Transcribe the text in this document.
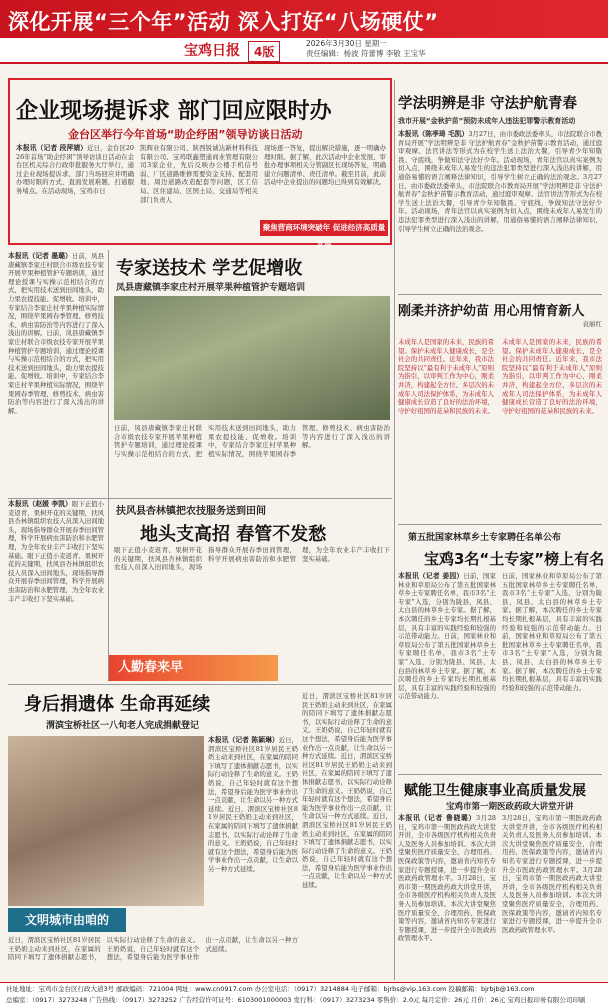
深化开展“三个年”活动 深入打好“八场硬仗”
宝鸡日报	4版
2026年3月30日 星期一
责任编辑：杨波 符蕾博 李敬 王宝华
企业现场提诉求 部门回应限时办
金台区举行今年首场“助企纾困”领导访谈日活动
本报讯（记者 段萍婧）近日，金台区2026年首场“助企纾困”领导访谈日活动在金台区机关综合行政审批服务大厅举行，通过企业现场提诉求、部门当场回应并明确办理时限的方式，直面发展难题，打通服务堵点。在活动现场，宝鸡市日
凯辉业有限公司、陕西锐诚达新材料科技有限公司、宝鸡联鑫塑通商业管理有限公司3家企业，先后反映办公楼手机信号弱、厂区道路维修需要资金支持、配套用地、周边道路改造配套等问题，区工信局、区住建局、区国土局、交通局等相关部门负责人
现场逐一答复，提出解决措施，逐一明确办理时限。据了解，此次活动中企业发展、审批办理事项相关分管副区长现场答复，明确建立问题清单、责任清单。截至目前，此前活动中企业提出的问题均已得到有效解决。
聚焦营商环境突破年 促进经济高质量发展
学法明辨是非 守法护航青春
我市开展“金秋护苗”预防未成年人违法犯罪警示教育活动
本报讯（陈季琦 毛凯）3月27日，由市委政法委牵头，市法院联合市教育局开展“学法明辨是非 守法护航青春”金秋护苗警示教育活动，通过庭审观摩、法官讲法等形式为在校学生送上法治大餐，引导青少年知敬畏、守底线，争做知法守法好少年。活动现场，青年法官以真实案例为切入点，围绕未成年人易发生的违法犯罪类型进行深入浅出的讲解，用通俗易懂的语言阐释法律知识，引导学生树立正确的法治观念。3月27日，由市委政法委牵头，市法院联合市教育局开展“学法明辨是非 守法护航青春”金秋护苗警示教育活动，通过庭审观摩、法官讲法等形式为在校学生送上法治大餐，引导青少年知敬畏、守底线，争做知法守法好少年。活动现场，青年法官以真实案例为切入点，围绕未成年人易发生的违法犯罪类型进行深入浅出的讲解，用通俗易懂的语言阐释法律知识，引导学生树立正确的法治观念。
刚柔并济护幼苗 用心用情育新人
袁丽红
未成年人是国家的未来，民族的希望。保护未成年人健康成长，是全社会的共同责任。近年来，我市法院坚持以“最有利于未成年人”原则为指引，以审判工作为中心，刚柔并济，构建起全方位、多层次的未成年人司法保护体系，为未成年人健康成长营造了良好的法治环境，守护好祖国的花朵和民族的未来。
未成年人是国家的未来，民族的希望。保护未成年人健康成长，是全社会的共同责任。近年来，我市法院坚持以“最有利于未成年人”原则为指引，以审判工作为中心，刚柔并济，构建起全方位、多层次的未成年人司法保护体系，为未成年人健康成长营造了良好的法治环境，守护好祖国的花朵和民族的未来。
本报讯（记者 墨璐）日前，凤县唐藏镇李家庄村联合市级农技专家开展苹果种植管护专题培训，通过理论授课与实操示范相结合的方式，把实用技术送到田间地头，助力果农提技能、促增收。培训中，专家结合李家庄村苹果种植实际情况，围绕苹果园春季管理、修剪技术、病虫害防治等内容进行了深入浅出的讲解。日前，凤县唐藏镇李家庄村联合市级农技专家开展苹果种植管护专题培训，通过理论授课与实操示范相结合的方式，把实用技术送到田间地头，助力果农提技能、促增收。培训中，专家结合李家庄村苹果种植实际情况，围绕苹果园春季管理、修剪技术、病虫害防治等内容进行了深入浅出的讲解。
专家送技术 学艺促增收
凤县唐藏镇李家庄村开展苹果种植管护专题培训
日前，凤县唐藏镇李家庄村联合市级农技专家开展苹果种植管护专题培训，通过理论授课与实操示范相结合的方式，把实用技术送到田间地头，助力果农提技能、促增收。培训中，专家结合李家庄村苹果种植实际情况，围绕苹果园春季管理、修剪技术、病虫害防治等内容进行了深入浅出的讲解。
本报讯（赵媛 李凯）眼下正值小麦返青、果树开花的关键期，扶风县杏林镇组织农技人员深入田间地头，现场指导群众开展春季田间管理，科学开展病虫害防治和水肥管理，为全年农业丰产丰收打下坚实基础。眼下正值小麦返青、果树开花的关键期，扶风县杏林镇组织农技人员深入田间地头，现场指导群众开展春季田间管理，科学开展病虫害防治和水肥管理，为全年农业丰产丰收打下坚实基础。
扶风县杏林镇把农技服务送到田间
地头支高招 春管不发愁
眼下正值小麦返青、果树开花的关键期，扶风县杏林镇组织农技人员深入田间地头，现场指导群众开展春季田间管理，科学开展病虫害防治和水肥管理，为全年农业丰产丰收打下坚实基础。
人勤春来早
身后捐遗体 生命再延续
渭滨宝桥社区一八旬老人完成捐献登记
文明城市由咱的
本报讯（记者 陈颖琳）近日，渭滨区宝桥社区81岁居民王奶奶主动来到社区，在家属的陪同下填写了遗体捐献志愿书，以实际行动诠释了生命的意义。王奶奶说，自己年轻时就有这个想法，希望身后能为医学事业作出一点贡献，让生命以另一种方式延续。近日，渭滨区宝桥社区81岁居民王奶奶主动来到社区，在家属的陪同下填写了遗体捐献志愿书，以实际行动诠释了生命的意义。王奶奶说，自己年轻时就有这个想法，希望身后能为医学事业作出一点贡献，让生命以另一种方式延续。
近日，渭滨区宝桥社区81岁居民王奶奶主动来到社区，在家属的陪同下填写了遗体捐献志愿书，以实际行动诠释了生命的意义。王奶奶说，自己年轻时就有这个想法，希望身后能为医学事业作出一点贡献，让生命以另一种方式延续。近日，渭滨区宝桥社区81岁居民王奶奶主动来到社区，在家属的陪同下填写了遗体捐献志愿书，以实际行动诠释了生命的意义。王奶奶说，自己年轻时就有这个想法，希望身后能为医学事业作出一点贡献，让生命以另一种方式延续。近日，渭滨区宝桥社区81岁居民王奶奶主动来到社区，在家属的陪同下填写了遗体捐献志愿书，以实际行动诠释了生命的意义。王奶奶说，自己年轻时就有这个想法，希望身后能为医学事业作出一点贡献，让生命以另一种方式延续。
近日，渭滨区宝桥社区81岁居民王奶奶主动来到社区，在家属的陪同下填写了遗体捐献志愿书，以实际行动诠释了生命的意义。王奶奶说，自己年轻时就有这个想法，希望身后能为医学事业作出一点贡献，让生命以另一种方式延续。
第五批国家林草乡土专家聘任名单公布
宝鸡3名“土专家”榜上有名
本报讯（记者 姜园）日前，国家林业和草原局公布了第五批国家林草乡土专家聘任名单，我市3名“土专家”入选，分别为陇县、凤县、太白县的林草乡土专家。据了解，本次聘任的乡土专家均长期扎根基层，具有丰富的实践经验和较强的示范带动能力。日前，国家林业和草原局公布了第五批国家林草乡土专家聘任名单，我市3名“土专家”入选，分别为陇县、凤县、太白县的林草乡土专家。据了解，本次聘任的乡土专家均长期扎根基层，具有丰富的实践经验和较强的示范带动能力。
日前，国家林业和草原局公布了第五批国家林草乡土专家聘任名单，我市3名“土专家”入选，分别为陇县、凤县、太白县的林草乡土专家。据了解，本次聘任的乡土专家均长期扎根基层，具有丰富的实践经验和较强的示范带动能力。日前，国家林业和草原局公布了第五批国家林草乡土专家聘任名单，我市3名“土专家”入选，分别为陇县、凤县、太白县的林草乡土专家。据了解，本次聘任的乡土专家均长期扎根基层，具有丰富的实践经验和较强的示范带动能力。
赋能卫生健康事业高质量发展
宝鸡市第一期医政药政大讲堂开讲
本报讯（记者 鲁晓璐）3月28日，宝鸡市第一期医政药政大讲堂开讲，全市各级医疗机构相关负责人及医务人员参加培训。本次大讲堂聚焦医疗质量安全、合理用药、医保政策等内容，邀请省内知名专家进行专题授课，进一步提升全市医政药政管理水平。3月28日，宝鸡市第一期医政药政大讲堂开讲，全市各级医疗机构相关负责人及医务人员参加培训。本次大讲堂聚焦医疗质量安全、合理用药、医保政策等内容，邀请省内知名专家进行专题授课，进一步提升全市医政药政管理水平。
3月28日，宝鸡市第一期医政药政大讲堂开讲，全市各级医疗机构相关负责人及医务人员参加培训。本次大讲堂聚焦医疗质量安全、合理用药、医保政策等内容，邀请省内知名专家进行专题授课，进一步提升全市医政药政管理水平。3月28日，宝鸡市第一期医政药政大讲堂开讲，全市各级医疗机构相关负责人及医务人员参加培训。本次大讲堂聚焦医疗质量安全、合理用药、医保政策等内容，邀请省内知名专家进行专题授课，进一步提升全市医政药政管理水平。
社址地址：宝鸡市金台区行政大道3号 邮政编码：721004 网址：www.cn0917.com 办公室电话：（0917）3214884 电子邮箱：bjrbs@vip.163.com 投稿邮箱：bjrbjb@163.com
总编室：（0917）3273248 广告热线：（0917）3273252 广告经营许可证号：6103001000003 发行科：（0917）3273234 零售价：2.0元 每月定价：26元 月价：26元 宝鸡日报印务有限公司印刷
